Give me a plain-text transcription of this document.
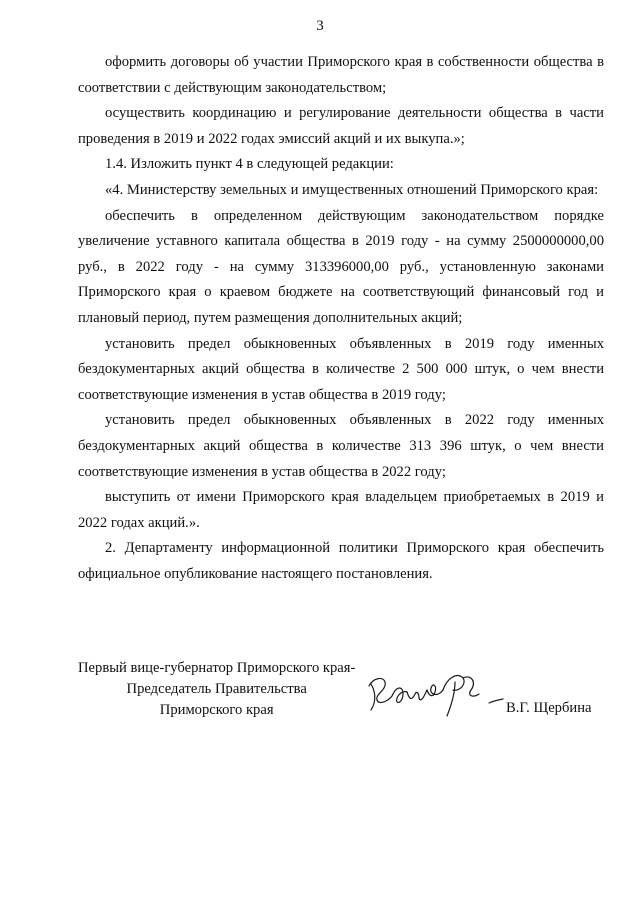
3

оформить договоры об участии Приморского края в собственности общества в соответствии с действующим законодательством;

осуществить координацию и регулирование деятельности общества в части проведения в 2019 и 2022 годах эмиссий акций и их выкупа.»;

1.4. Изложить пункт 4 в следующей редакции:

«4. Министерству земельных и имущественных отношений Приморского края:

обеспечить в определенном действующим законодательством порядке увеличение уставного капитала общества в 2019 году - на сумму 2500000000,00 руб., в 2022 году - на сумму 313396000,00 руб., установленную законами Приморского края о краевом бюджете на соответствующий финансовый год и плановый период, путем размещения дополнительных акций;

установить предел обыкновенных объявленных в 2019 году именных бездокументарных акций общества в количестве 2 500 000 штук, о чем внести соответствующие изменения в устав общества в 2019 году;

установить предел обыкновенных объявленных в 2022 году именных бездокументарных акций общества в количестве 313 396 штук, о чем внести соответствующие изменения в устав общества в 2022 году;

выступить от имени Приморского края владельцем приобретаемых в 2019 и 2022 годах акций.».

2. Департаменту информационной политики Приморского края обеспечить официальное опубликование настоящего постановления.

Первый вице-губернатор Приморского края-
Председатель Правительства
Приморского края	В.Г. Щербина
